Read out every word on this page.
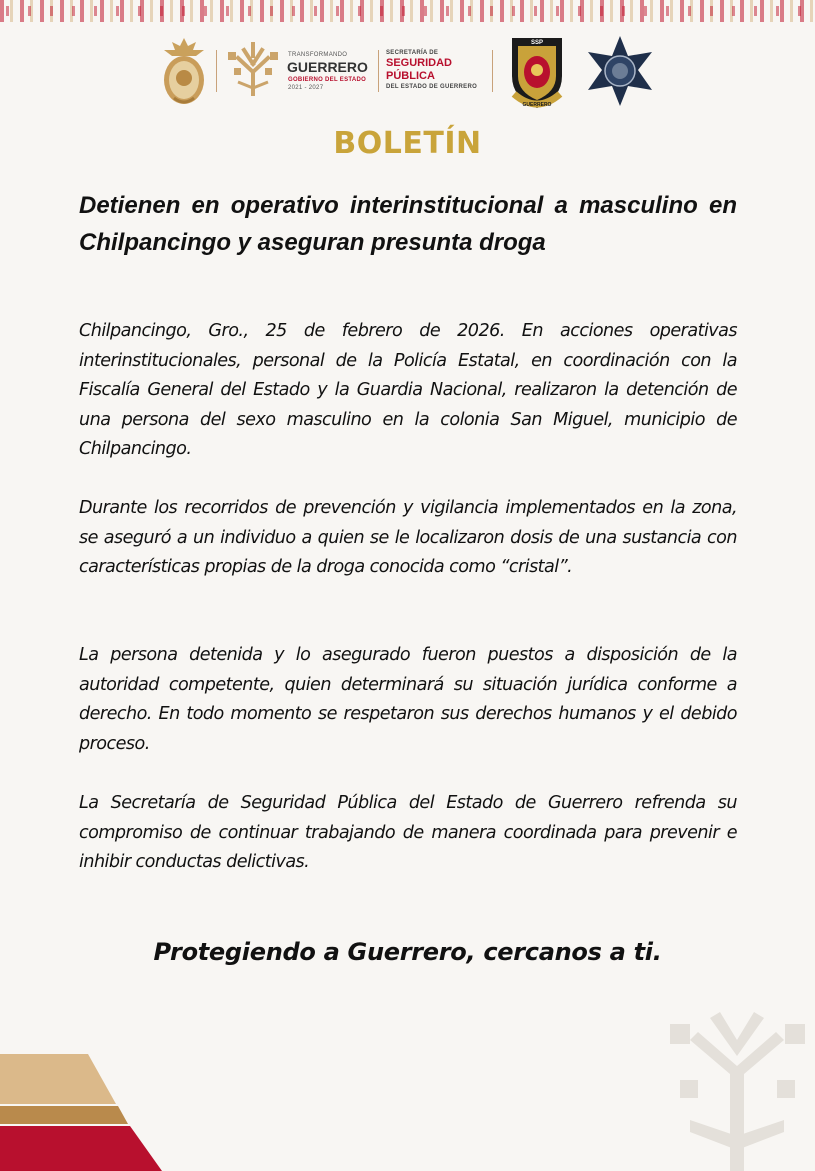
TRANSFORMANDO
GUERRERO
GOBIERNO DEL ESTADO
2021 - 2027
SECRETARÍA DE
SEGURIDAD
PÚBLICA
DEL ESTADO DE GUERRERO
SSP
GUERRERO
BOLETÍN
Detienen en operativo interinstitucional a masculino en Chilpancingo y aseguran presunta droga

Chilpancingo, Gro., 25 de febrero de 2026. En acciones operativas interinstitucionales, personal de la Policía Estatal, en coordinación con la Fiscalía General del Estado y la Guardia Nacional, realizaron la detención de una persona del sexo masculino en la colonia San Miguel, municipio de Chilpancingo.

Durante los recorridos de prevención y vigilancia implementados en la zona, se aseguró a un individuo a quien se le localizaron dosis de una sustancia con características propias de la droga conocida como “cristal”.

La persona detenida y lo asegurado fueron puestos a disposición de la autoridad competente, quien determinará su situación jurídica conforme a derecho. En todo momento se respetaron sus derechos humanos y el debido proceso.

La Secretaría de Seguridad Pública del Estado de Guerrero refrenda su compromiso de continuar trabajando de manera coordinada para prevenir e inhibir conductas delictivas.

Protegiendo a Guerrero, cercanos a ti.
